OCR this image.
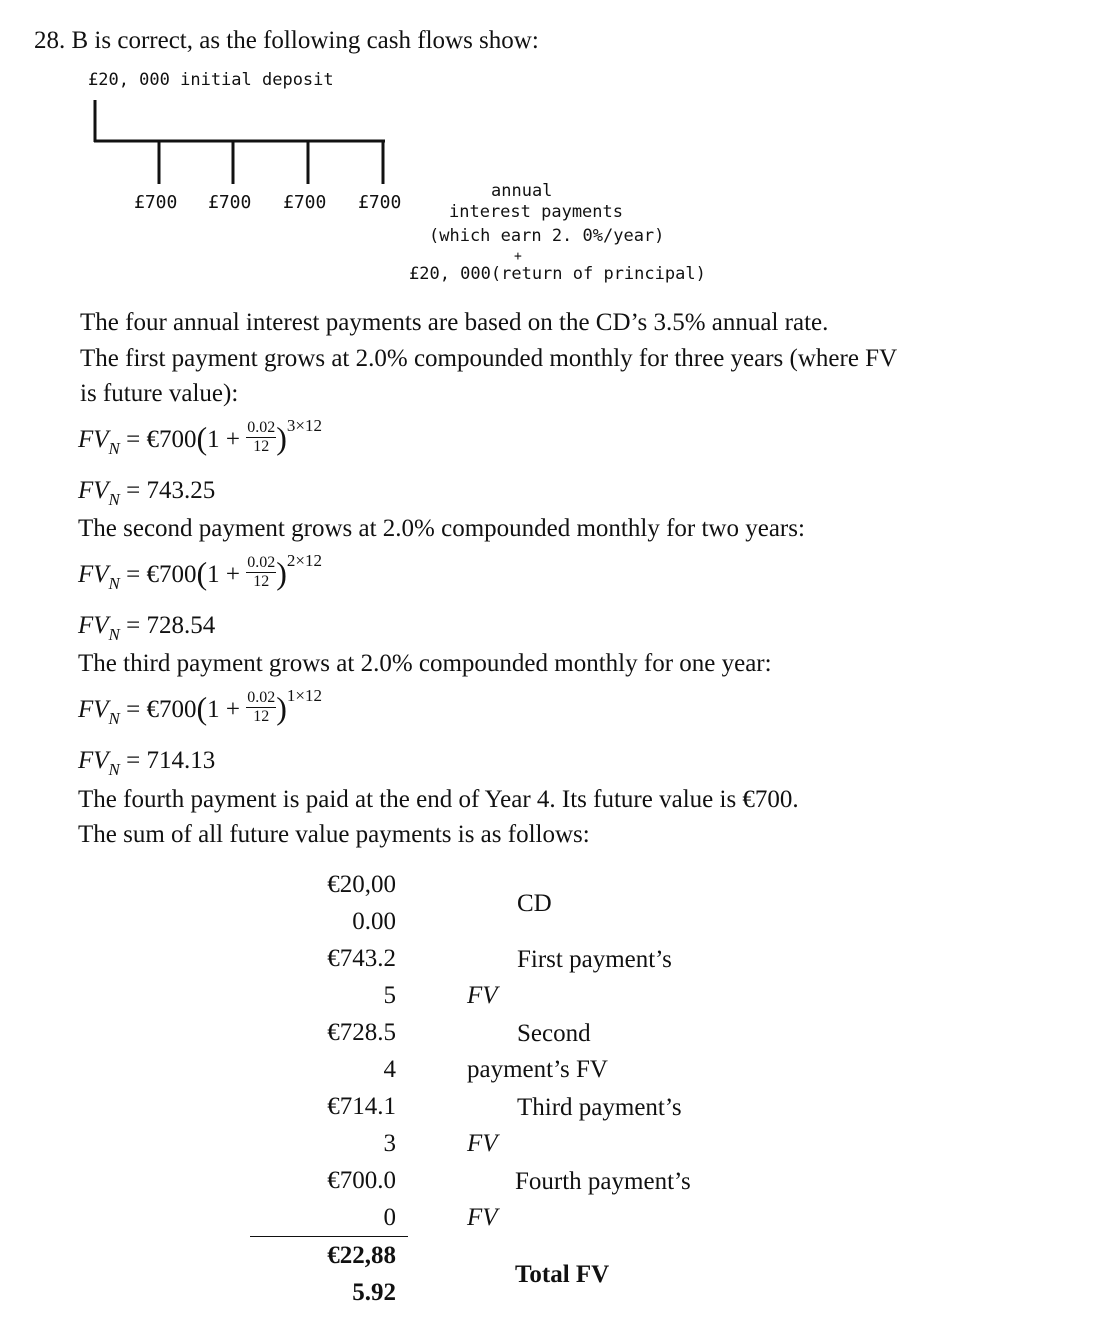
28. B is correct, as the following cash flows show:
£20, 000 initial deposit
£700 £700 £700 £700
annual
interest payments
(which earn 2. 0%/year)
+
£20, 000(return of principal)
The four annual interest payments are based on the CD’s 3.5% annual rate.
The first payment grows at 2.0% compounded monthly for three years (where FV
is future value):
$FV_N$ = €700(1 + $\frac{0.02}{12} )^{3\times 12}$
$FV_N = 743.25$
The second payment grows at 2.0% compounded monthly for two years:
$FV_N$ = €700(1 + $\frac{0.02}{12} )^{2\times 12}$
$FV_N = 728.54$
The third payment grows at 2.0% compounded monthly for one year:
$FV_N$ = €700(1 + $\frac{0.02}{12} )^{1\times 12}$
$FV_N = 714.13$
The fourth payment is paid at the end of Year 4. Its future value is €700.
The sum of all future value payments is as follows:
€20,00
0.00
CD
€743.2
5
First payment’s
FV
€728.5
4
Second
payment’s FV
€714.1
3
Third payment’s
FV
€700.0
0
Fourth payment’s
FV
€22,88
5.92
Total FV
